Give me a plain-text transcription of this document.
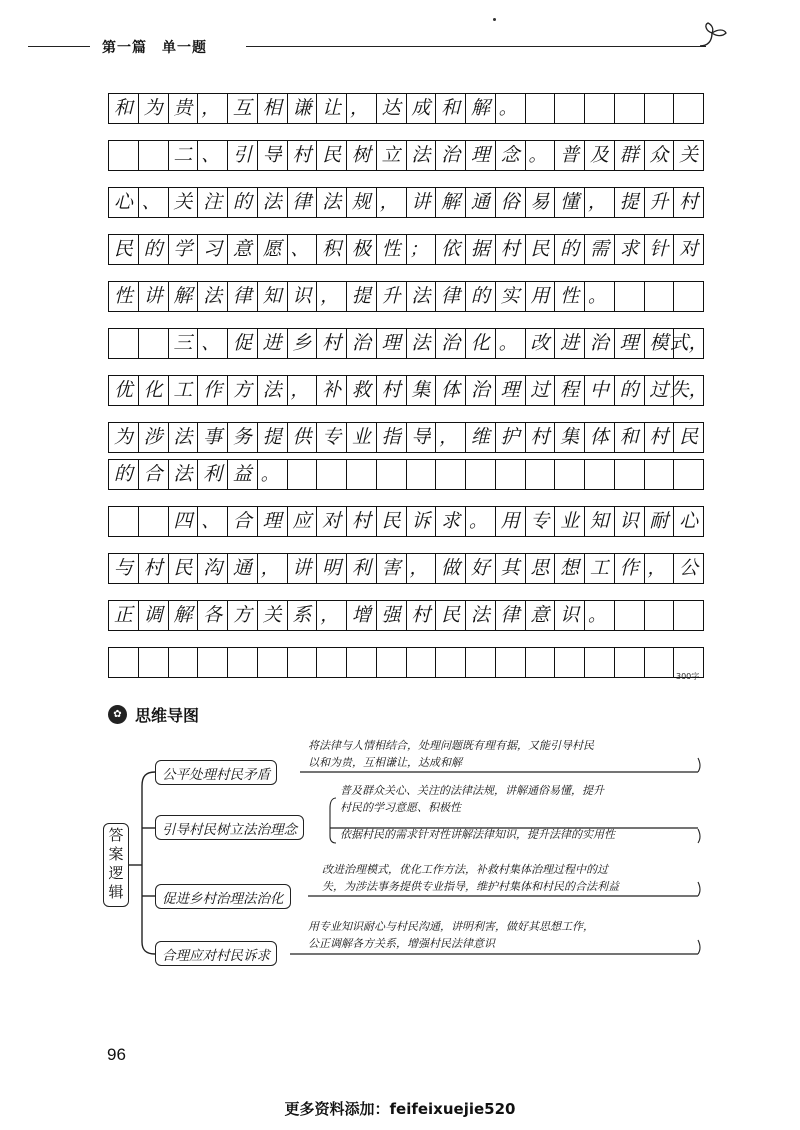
第一篇　单一题
和 为 贵 ， 互 相 谦 让 ， 达 成 和 解 。
二 、 引 导 村 民 树 立 法 治 理 念 。 普 及 群 众 关
心 、 关 注 的 法 律 法 规 ， 讲 解 通 俗 易 懂 ， 提 升 村
民 的 学 习 意 愿 、 积 极 性 ； 依 据 村 民 的 需 求 针 对
性 讲 解 法 律 知 识 ， 提 升 法 律 的 实 用 性 。
三 、 促 进 乡 村 治 理 法 治 化 。 改 进 治 理 模 式，
优 化 工 作 方 法 ， 补 救 村 集 体 治 理 过 程 中 的 过 失，
为 涉 法 事 务 提 供 专 业 指 导 ， 维 护 村 集 体 和 村 民
的 合 法 利 益 。
四 、 合 理 应 对 村 民 诉 求 。 用 专 业 知 识 耐 心
与 村 民 沟 通 ， 讲 明 利 害 ， 做 好 其 思 想 工 作 ， 公
正 调 解 各 方 关 系 ， 增 强 村 民 法 律 意 识 。
300字
✿ 思维导图
答案逻辑
公平处理村民矛盾
引导村民树立法治理念
促进乡村治理法治化
合理应对村民诉求
将法律与人情相结合，处理问题既有理有据，又能引导村民
以和为贵，互相谦让，达成和解
普及群众关心、关注的法律法规，讲解通俗易懂，提升
村民的学习意愿、积极性
依据村民的需求针对性讲解法律知识，提升法律的实用性
改进治理模式，优化工作方法，补救村集体治理过程中的过
失，为涉法事务提供专业指导，维护村集体和村民的合法利益
用专业知识耐心与村民沟通，讲明利害，做好其思想工作，
公正调解各方关系，增强村民法律意识
96
更多资料添加：feifeixuejie520
